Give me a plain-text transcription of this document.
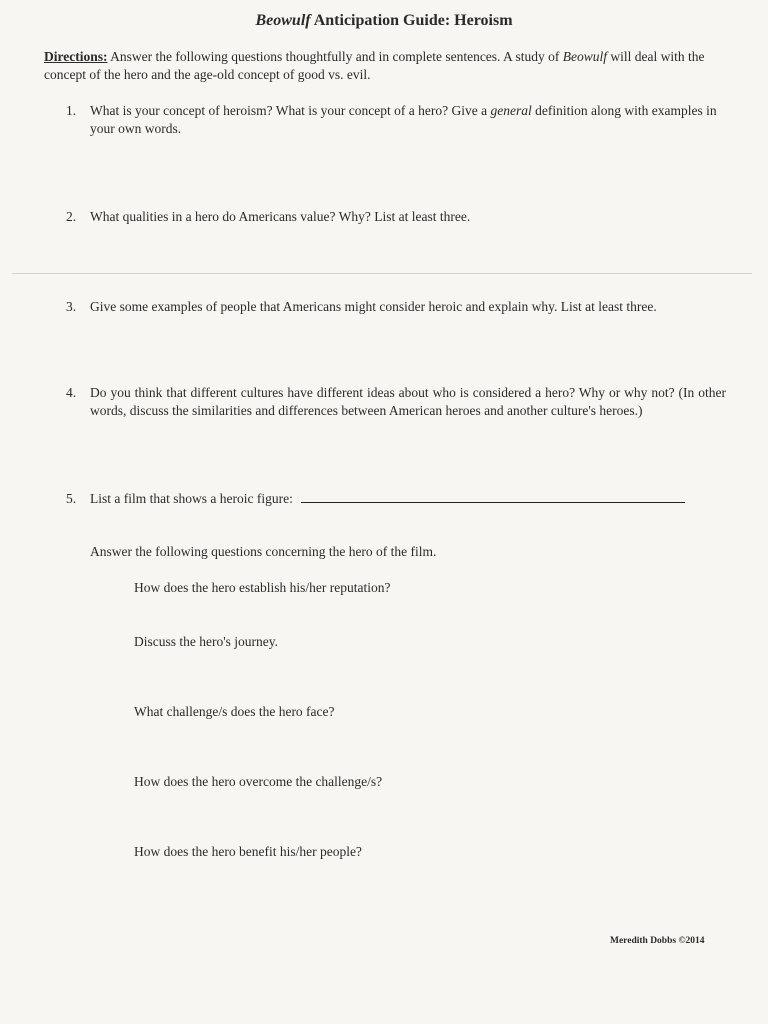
Beowulf Anticipation Guide: Heroism
Directions: Answer the following questions thoughtfully and in complete sentences. A study of Beowulf will deal with the concept of the hero and the age-old concept of good vs. evil.
1.	What is your concept of heroism? What is your concept of a hero? Give a general definition along with examples in your own words.
2.	What qualities in a hero do Americans value? Why? List at least three.
3.	Give some examples of people that Americans might consider heroic and explain why. List at least three.
4.	Do you think that different cultures have different ideas about who is considered a hero? Why or why not? (In other words, discuss the similarities and differences between American heroes and another culture's heroes.)
5.	List a film that shows a heroic figure:
Answer the following questions concerning the hero of the film.
How does the hero establish his/her reputation?
Discuss the hero's journey.
What challenge/s does the hero face?
How does the hero overcome the challenge/s?
How does the hero benefit his/her people?
Meredith Dobbs ©2014
